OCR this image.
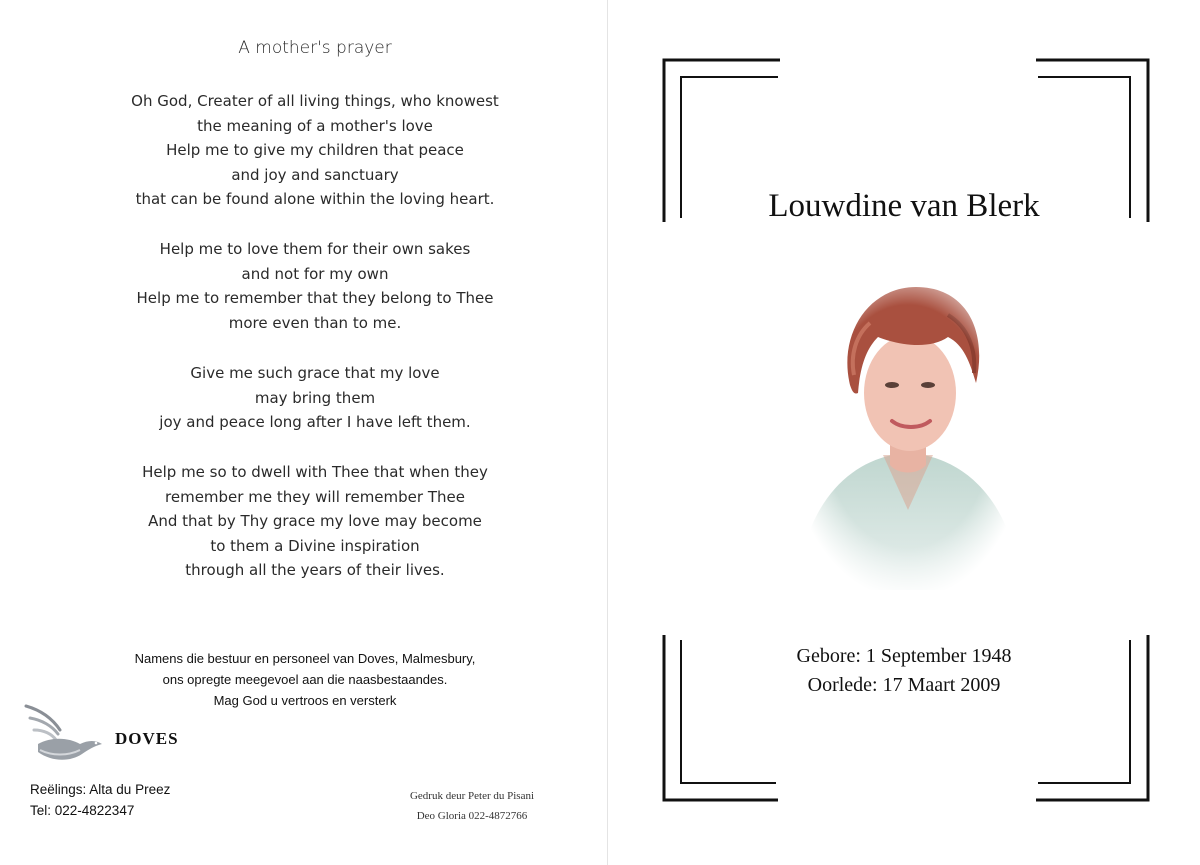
A mother's prayer
Oh God, Creater of all living things, who knowest
the meaning of a mother's love
Help me to give my children that peace
and joy and sanctuary
that can be found alone within the loving heart.
Help me to love them for their own sakes
and not for my own
Help me to remember that they belong to Thee
more even than to me.
Give me such grace that my love
may bring them
joy and peace long after I have left them.
Help me so to dwell with Thee that when they
remember me they will remember Thee
And that by Thy grace my love may become
to them a Divine inspiration
through all the years of their lives.
Namens die bestuur en personeel van Doves, Malmesbury,
ons opregte meegevoel aan die naasbestaandes.
Mag God u vertroos en versterk
DOVES
Reëlings: Alta du Preez
Tel: 022-4822347
Gedruk deur Peter du Pisani
Deo Gloria 022-4872766
Louwdine van Blerk
Gebore: 1 September 1948
Oorlede: 17 Maart 2009
